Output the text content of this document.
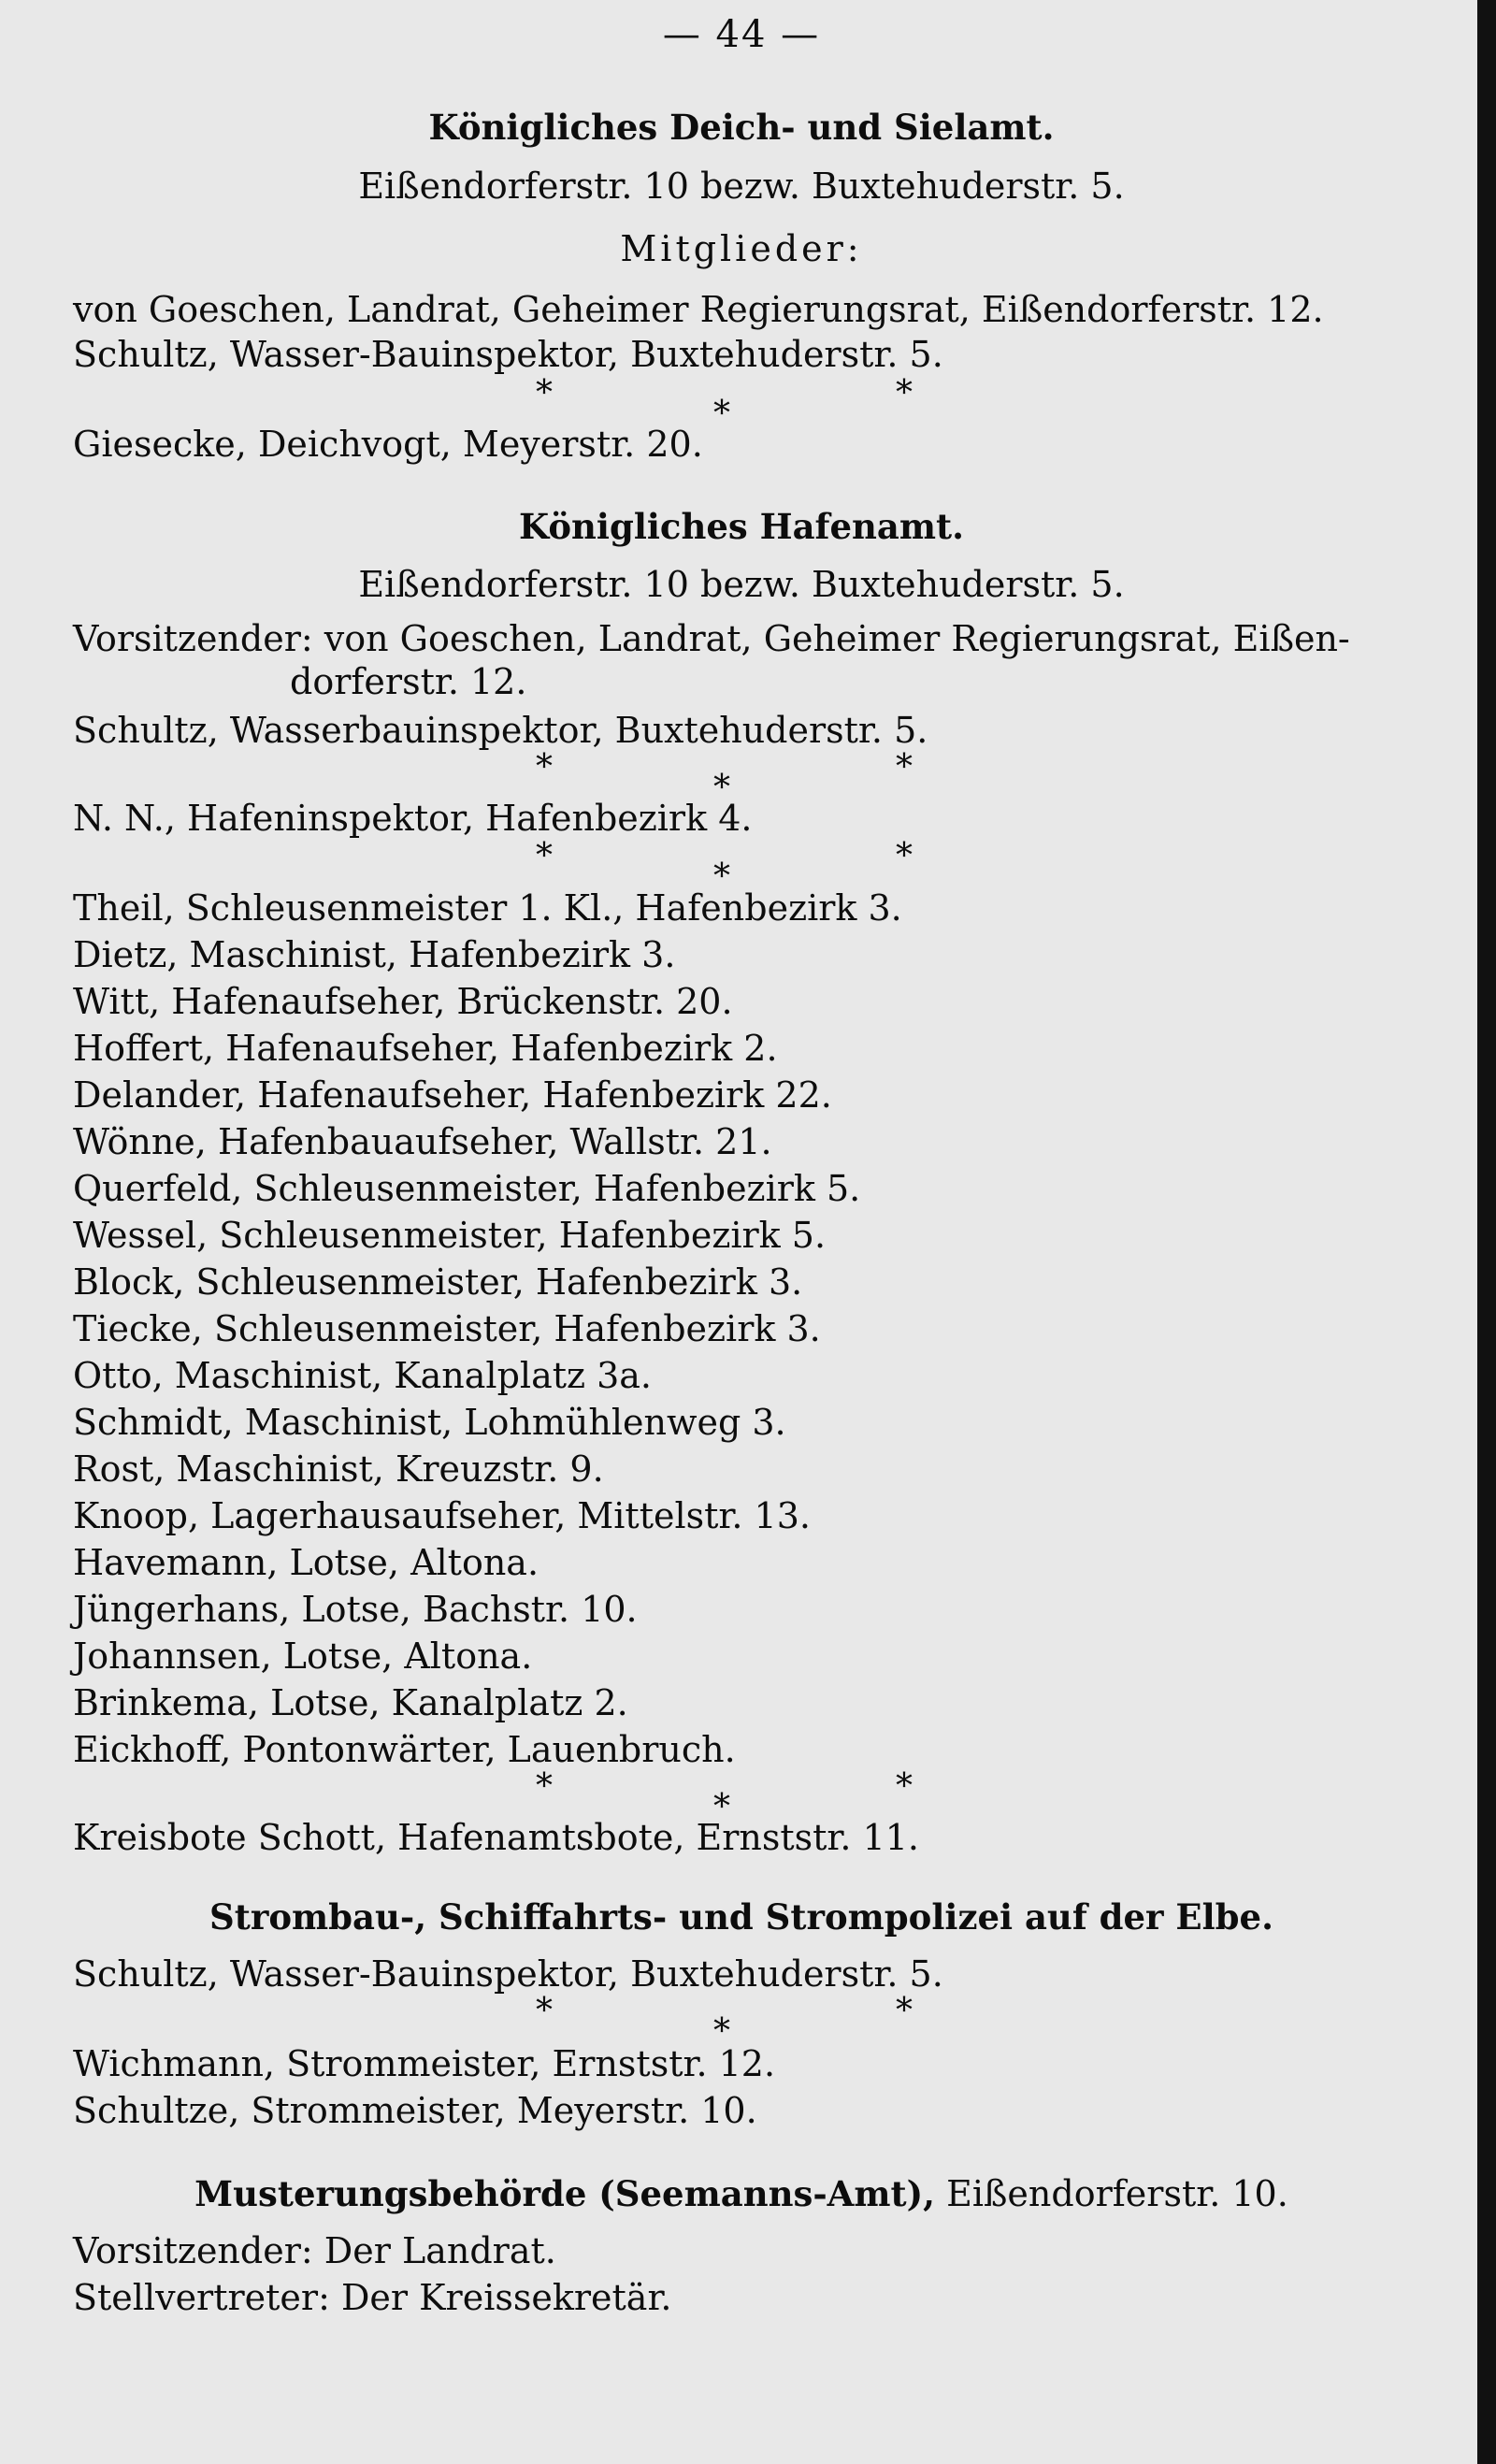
— 44 —
Königliches Deich- und Sielamt.
Eißendorferstr. 10 bezw. Buxtehuderstr. 5.
Mitglieder:
von Goeschen, Landrat, Geheimer Regierungsrat, Eißendorferstr. 12.
Schultz, Wasser-Bauinspektor, Buxtehuderstr. 5.
*
*
*
Giesecke, Deichvogt, Meyerstr. 20.
Königliches Hafenamt.
Eißendorferstr. 10 bezw. Buxtehuderstr. 5.
Vorsitzender: von Goeschen, Landrat, Geheimer Regierungsrat, Eißen-
dorferstr. 12.
Schultz, Wasserbauinspektor, Buxtehuderstr. 5.
*
*
*
N. N., Hafeninspektor, Hafenbezirk 4.
*
*
*
Theil, Schleusenmeister 1. Kl., Hafenbezirk 3.
Dietz, Maschinist, Hafenbezirk 3.
Witt, Hafenaufseher, Brückenstr. 20.
Hoffert, Hafenaufseher, Hafenbezirk 2.
Delander, Hafenaufseher, Hafenbezirk 22.
Wönne, Hafenbauaufseher, Wallstr. 21.
Querfeld, Schleusenmeister, Hafenbezirk 5.
Wessel, Schleusenmeister, Hafenbezirk 5.
Block, Schleusenmeister, Hafenbezirk 3.
Tiecke, Schleusenmeister, Hafenbezirk 3.
Otto, Maschinist, Kanalplatz 3a.
Schmidt, Maschinist, Lohmühlenweg 3.
Rost, Maschinist, Kreuzstr. 9.
Knoop, Lagerhausaufseher, Mittelstr. 13.
Havemann, Lotse, Altona.
Jüngerhans, Lotse, Bachstr. 10.
Johannsen, Lotse, Altona.
Brinkema, Lotse, Kanalplatz 2.
Eickhoff, Pontonwärter, Lauenbruch.
*
*
*
Kreisbote Schott, Hafenamtsbote, Ernststr. 11.
Strombau-, Schiffahrts- und Strompolizei auf der Elbe.
Schultz, Wasser-Bauinspektor, Buxtehuderstr. 5.
*
*
*
Wichmann, Strommeister, Ernststr. 12.
Schultze, Strommeister, Meyerstr. 10.
Musterungsbehörde (Seemanns-Amt), Eißendorferstr. 10.
Vorsitzender: Der Landrat.
Stellvertreter: Der Kreissekretär.
